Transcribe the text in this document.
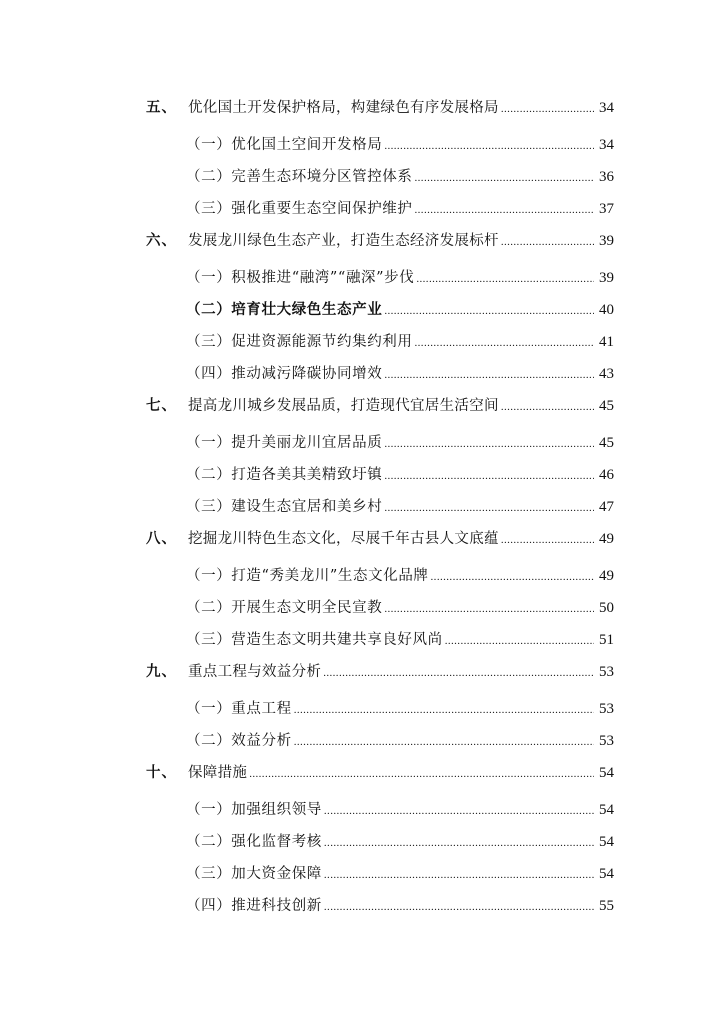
五、 优化国土开发保护格局，构建绿色有序发展格局 .....	34
（一）优化国土空间开发格局 .....	34
（二）完善生态环境分区管控体系 .....	36
（三）强化重要生态空间保护维护 .....	37
六、 发展龙川绿色生态产业，打造生态经济发展标杆 .....	39
（一）积极推进“融湾”“融深”步伐 .....	39
（二）培育壮大绿色生态产业 .....	40
（三）促进资源能源节约集约利用 .....	41
（四）推动减污降碳协同增效 .....	43
七、 提高龙川城乡发展品质，打造现代宜居生活空间 .....	45
（一）提升美丽龙川宜居品质 .....	45
（二）打造各美其美精致圩镇 .....	46
（三）建设生态宜居和美乡村 .....	47
八、 挖掘龙川特色生态文化，尽展千年古县人文底蕴 .....	49
（一）打造“秀美龙川”生态文化品牌 .....	49
（二）开展生态文明全民宣教 .....	50
（三）营造生态文明共建共享良好风尚 .....	51
九、 重点工程与效益分析 .....	53
（一）重点工程 .....	53
（二）效益分析 .....	53
十、 保障措施 .....	54
（一）加强组织领导 .....	54
（二）强化监督考核 .....	54
（三）加大资金保障 .....	54
（四）推进科技创新 .....	55
